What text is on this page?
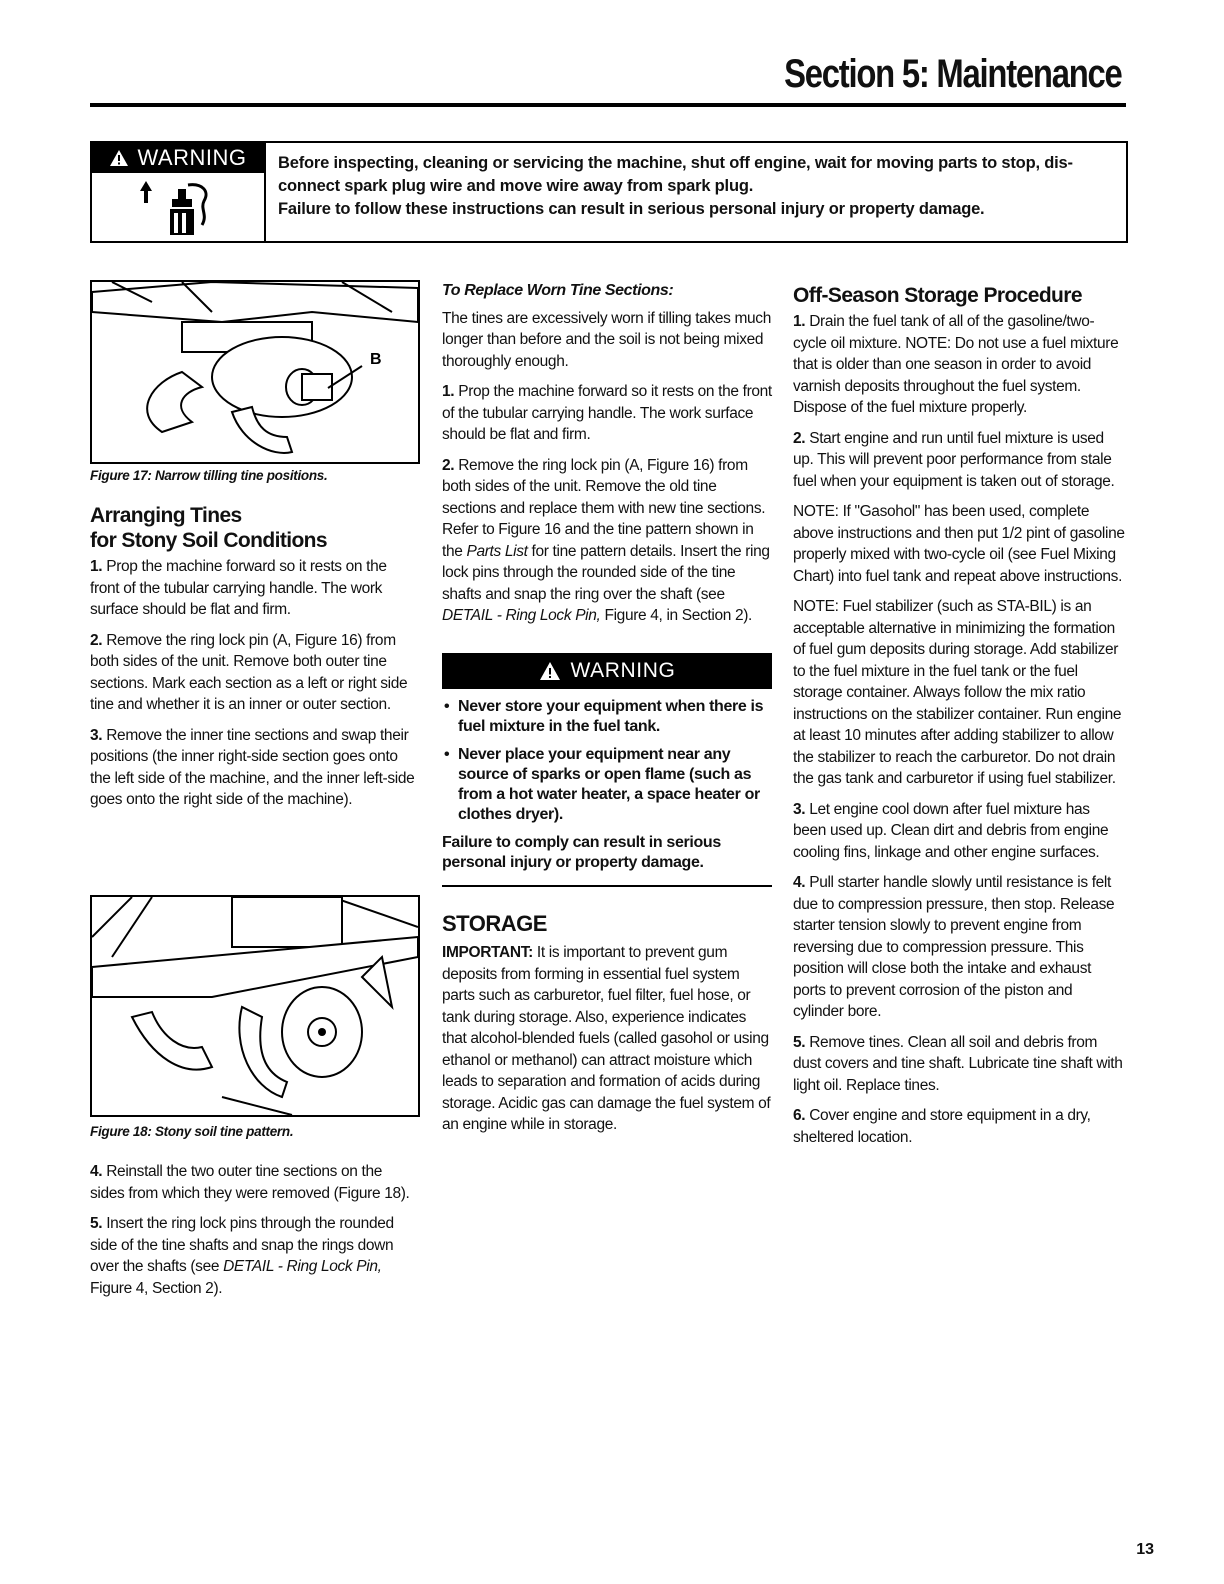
Section 5: Maintenance
WARNING Before inspecting, cleaning or servicing the machine, shut off engine, wait for moving parts to stop, dis-

connect spark plug wire and move wire away from spark plug.

Failure to follow these instructions can result in serious personal injury or property damage.

B
Figure 17: Narrow tilling tine positions.
Arranging Tines
for Stony Soil Conditions

1. Prop the machine forward so it rests on the front of the tubular carrying handle. The work surface should be flat and firm.

2. Remove the ring lock pin (A, Figure 16) from both sides of the unit. Remove both outer tine sections. Mark each section as a left or right side tine and whether it is an inner or outer section.

3. Remove the inner tine sections and swap their positions (the inner right-side section goes onto the left side of the machine, and the inner left-side goes onto the right side of the machine).

Figure 18: Stony soil tine pattern.

4. Reinstall the two outer tine sections on the sides from which they were removed (Figure 18).

5. Insert the ring lock pins through the rounded side of the tine shafts and snap the rings down over the shafts (see DETAIL - Ring Lock Pin, Figure 4, Section 2).

To Replace Worn Tine Sections:

The tines are excessively worn if tilling takes much longer than before and the soil is not being mixed thoroughly enough.

1. Prop the machine forward so it rests on the front of the tubular carrying handle. The work surface should be flat and firm.

2. Remove the ring lock pin (A, Figure 16) from both sides of the unit. Remove the old tine sections and replace them with new tine sections. Refer to Figure 16 and the tine pattern shown in the Parts List for tine pattern details. Insert the ring lock pins through the rounded side of the tine shafts and snap the ring over the shaft (see DETAIL - Ring Lock Pin, Figure 4, in Section 2).

WARNING
• Never store your equipment when there is fuel mixture in the fuel tank.
• Never place your equipment near any source of sparks or open flame (such as from a hot water heater, a space heater or clothes dryer).

Failure to comply can result in serious personal injury or property damage.

STORAGE

IMPORTANT: It is important to prevent gum deposits from forming in essential fuel system parts such as carburetor, fuel filter, fuel hose, or tank during storage. Also, experience indicates that alcohol-blended fuels (called gasohol or using ethanol or methanol) can attract moisture which leads to separation and formation of acids during storage. Acidic gas can damage the fuel system of an engine while in storage.

Off-Season Storage Procedure

1. Drain the fuel tank of all of the gasoline/two-cycle oil mixture. NOTE: Do not use a fuel mixture that is older than one season in order to avoid varnish deposits throughout the fuel system. Dispose of the fuel mixture properly.

2. Start engine and run until fuel mixture is used up. This will prevent poor performance from stale fuel when your equipment is taken out of storage.

NOTE: If "Gasohol" has been used, complete above instructions and then put 1/2 pint of gasoline properly mixed with two-cycle oil (see Fuel Mixing Chart) into fuel tank and repeat above instructions.

NOTE: Fuel stabilizer (such as STA-BIL) is an acceptable alternative in minimizing the formation of fuel gum deposits during storage. Add stabilizer to the fuel mixture in the fuel tank or the fuel storage container. Always follow the mix ratio instructions on the stabilizer container. Run engine at least 10 minutes after adding stabilizer to allow the stabilizer to reach the carburetor. Do not drain the gas tank and carburetor if using fuel stabilizer.

3. Let engine cool down after fuel mixture has been used up. Clean dirt and debris from engine cooling fins, linkage and other engine surfaces.

4. Pull starter handle slowly until resistance is felt due to compression pressure, then stop. Release starter tension slowly to prevent engine from reversing due to compression pressure. This position will close both the intake and exhaust ports to prevent corrosion of the piston and cylinder bore.

5. Remove tines. Clean all soil and debris from dust covers and tine shaft. Lubricate tine shaft with light oil. Replace tines.

6. Cover engine and store equipment in a dry, sheltered location.

13
